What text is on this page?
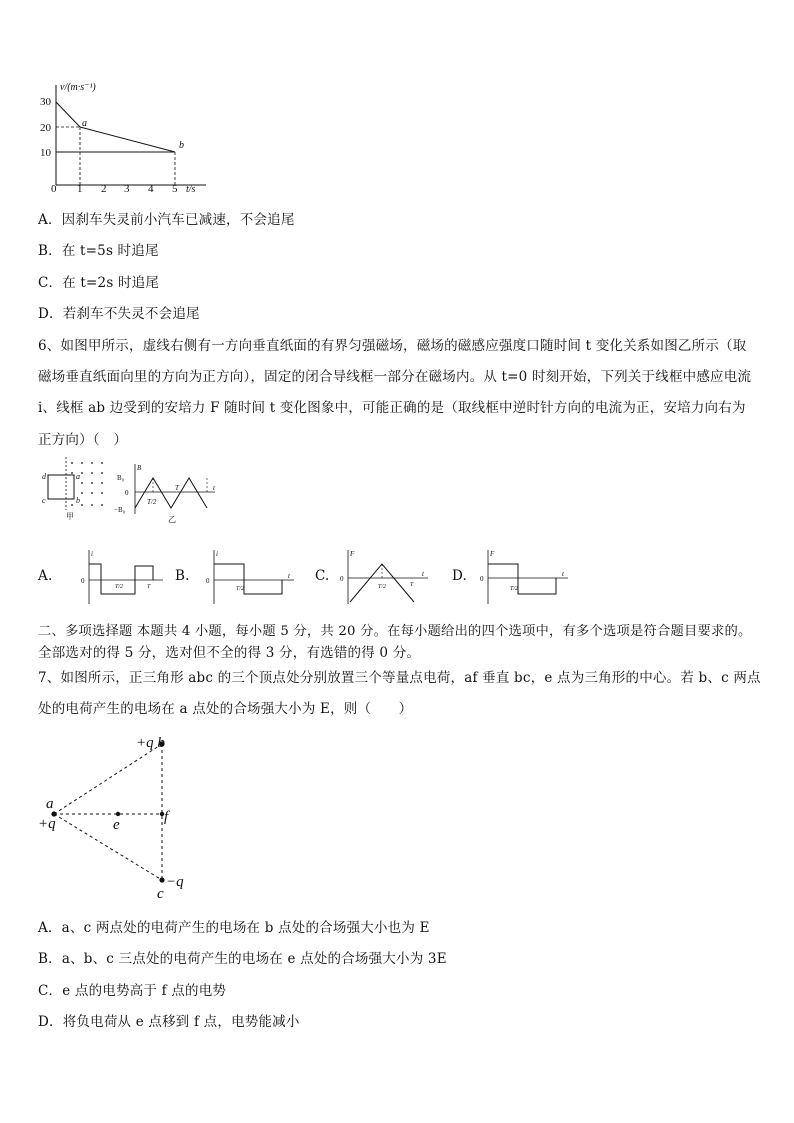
v/(m·s⁻¹)
30
20
10
0 1 2 3 4 5 t/s
a
b
A．因刹车失灵前小汽车已减速，不会追尾
B．在 t=5s 时追尾
C．在 t=2s 时追尾
D．若刹车不失灵不会追尾
6、如图甲所示，虚线右侧有一方向垂直纸面的有界匀强磁场，磁场的磁感应强度口随时间 t 变化关系如图乙所示（取
磁场垂直纸面向里的方向为正方向），固定的闭合导线框一部分在磁场内。从 t=0 时刻开始，下列关于线框中感应电流
i、线框 ab 边受到的安培力 F 随时间 t 变化图象中，可能正确的是（取线框中逆时针方向的电流为正，安培力向右为
正方向）（　）
d	a
c	b
甲
B
B₀
0
−B₀
T/2
T	t
乙
A.
i
0
T/2	T
B.
i
0
T/2
t C.
F
0
T/2	T
t D.
F
0
T/2
t
二、多项选择题 本题共 4 小题，每小题 5 分，共 20 分。在每小题给出的四个选项中，有多个选项是符合题目要求的。
全部选对的得 5 分，选对但不全的得 3 分，有选错的得 0 分。
7、如图所示，正三角形 abc 的三个顶点处分别放置三个等量点电荷，af 垂直 bc，e 点为三角形的中心。若 b、c 两点
处的电荷产生的电场在 a 点处的合场强大小为 E，则（　　）
+q b
a
+q	e	f
−q
c
A．a、c 两点处的电荷产生的电场在 b 点处的合场强大小也为 E
B．a、b、c 三点处的电荷产生的电场在 e 点处的合场强大小为 3E
C．e 点的电势高于 f 点的电势
D．将负电荷从 e 点移到 f 点，电势能减小
